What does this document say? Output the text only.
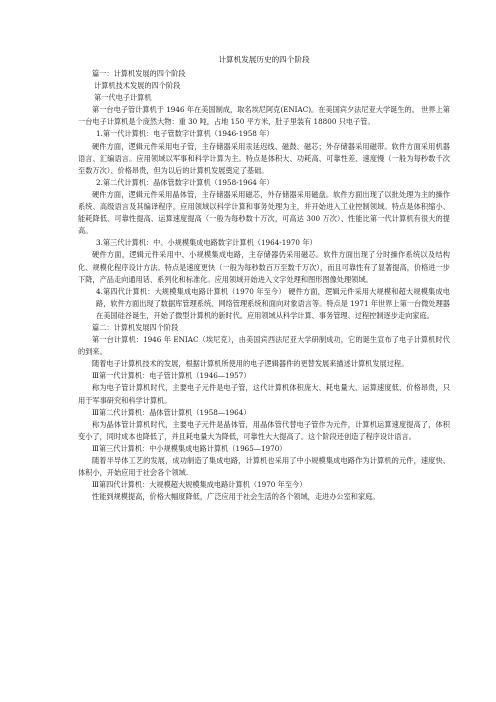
计算机发展历史的四个阶段

篇一：计算机发展的四个阶段

计算机技术发展的四个阶段

第一代电子计算机

第一台电子管计算机于 1946 年在美国制成，取名埃尼阿克(ENIAC)。在美国宾夕法尼亚大学诞生的。 世界上第一台电子计算机是个庞然大物：重 30 吨，占地 150 平方米，肚子里装有 18800 只电子管。

1.第一代计算机：电子管数字计算机（1946-1958 年）

硬件方面，逻辑元件采用电子管，主存储器采用汞延迟线、磁鼓、磁芯；外存储器采用磁带。软件方面采用机器语言、汇编语言。应用领域以军事和科学计算为主。特点是体积大、功耗高、可靠性差、速度慢（一般为每秒数千次至数万次）、价格昂贵，但为以后的计算机发展奠定了基础。

2.第二代计算机：晶体管数字计算机（1958-1964 年）

硬件方面，逻辑元件采用晶体管，主存储器采用磁芯，外存储器采用磁盘。软件方面出现了以批处理为主的操作系统、高级语言及其编译程序。应用领域以科学计算和事务处理为主，并开始进入工业控制领域。特点是体积缩小、能耗降低、可靠性提高、运算速度提高（一般为每秒数十万次，可高达 300 万次）、性能比第一代计算机有很大的提高。

3.第三代计算机：中、小规模集成电路数字计算机（1964-1970 年）

硬件方面，逻辑元件采用中、小规模集成电路，主存储器仍采用磁芯。软件方面出现了分时操作系统以及结构化、规模化程序设计方法。特点是速度更快（一般为每秒数百万至数千万次），而且可靠性有了显著提高，价格进一步下降，产品走向通用话、系列化和标准化。应用领域开始进入文字处理和图形图像处理领域。

4.第四代计算机：大规模集成电路计算机（1970 年至今） 硬件方面，逻辑元件采用大规模和超大规模集成电路，软件方面出现了数据库管理系统、网络管理系统和面向对象语言等。特点是 1971 年世界上第一台微处理器在美国硅谷诞生，开始了微型计算机的新时代。应用领域从科学计算、事务管理、过程控制逐步走向家庭。

篇二：计算机发展四个阶段

第一台计算机：1946 年 ENIAC（埃尼克），由美国宾西法尼亚大学研制成功，它的诞生宣布了电子计算机时代的到来。

随着电子计算机技术的发展，根据计算机所使用的电子逻辑器件的更替发展来描述计算机发展过程。

Ⅲ第一代计算机：电子管计算机（1946—1957）

称为电子管计算机时代，主要电子元件是电子管，这代计算机体积庞大、耗电量大、运算速度低、价格昂贵，只用于军事研究和科学计算机。

Ⅲ第二代计算机：晶体管计算机（1958—1964）

称为晶体管计算机时代，主要电子元件是晶体管，用晶体管代替电子管作为元件，计算机运算速度提高了，体积变小了，同时成本也降低了，并且耗电量大为降低，可靠性大大提高了。这个阶段还创造了程序设计语言。

Ⅲ第三代计算机：中小规模集成电路计算机（1965—1970）

随着半导体工艺的发展，成功制造了集成电路，计算机也采用了中小规模集成电路作为计算机的元件，速度快、体积小，开始应用于社会各个领域.

Ⅲ第四代计算机：大规模超大规模集成电路计算机（1970 年至今）

性能到规模提高，价格大幅度降低，广泛应用于社会生活的各个领域，走进办公室和家庭。
